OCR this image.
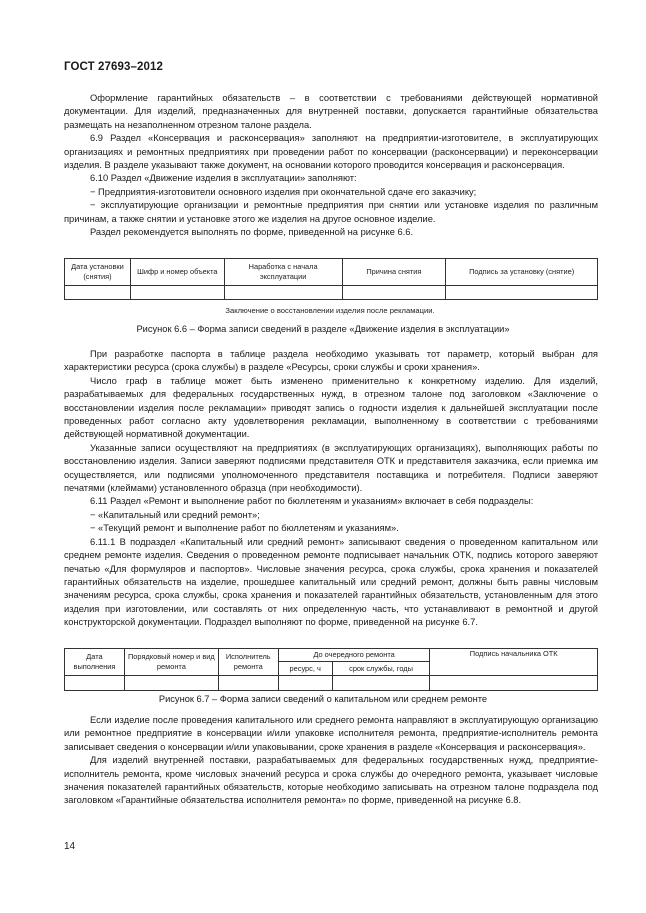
ГОСТ 27693–2012

Оформление гарантийных обязательств – в соответствии с требованиями действующей нормативной документации. Для изделий, предназначенных для внутренней поставки, допускается гарантийные обязательства размещать на незаполненном отрезном талоне раздела.

6.9 Раздел «Консервация и расконсервация» заполняют на предприятии-изготовителе, в эксплуатирующих организациях и ремонтных предприятиях при проведении работ по консервации (расконсервации) и переконсервации изделия. В разделе указывают также документ, на основании которого проводится консервация и расконсервация.

6.10 Раздел «Движение изделия в эксплуатации» заполняют:

− Предприятия-изготовители основного изделия при окончательной сдаче его заказчику;

− эксплуатирующие организации и ремонтные предприятия при снятии или установке изделия по различным причинам, а также снятии и установке этого же изделия на другое основное изделие.

Раздел рекомендуется выполнять по форме, приведенной на рисунке 6.6.

Дата установки (снятия)	Шифр и номер объекта	Наработка с начала эксплуатации	Причина снятия	Подпись за установку (снятие)

Заключение о восстановлении изделия после рекламации.
Рисунок 6.6 – Форма записи сведений в разделе «Движение изделия в эксплуатации»

При разработке паспорта в таблице раздела необходимо указывать тот параметр, который выбран для характеристики ресурса (срока службы) в разделе «Ресурсы, сроки службы и сроки хранения».

Число граф в таблице может быть изменено применительно к конкретному изделию. Для изделий, разрабатываемых для федеральных государственных нужд, в отрезном талоне под заголовком «Заключение о восстановлении изделия после рекламации» приводят запись о годности изделия к дальнейшей эксплуатации после проведенных работ согласно акту удовлетворения рекламации, выполненному в соответствии с требованиями действующей нормативной документации.

Указанные записи осуществляют на предприятиях (в эксплуатирующих организациях), выполняющих работы по восстановлению изделия. Записи заверяют подписями представителя ОТК и представителя заказчика, если приемка им осуществляется, или подписями уполномоченного представителя поставщика и потребителя. Подписи заверяют печатями (клеймами) установленного образца (при необходимости).

6.11 Раздел «Ремонт и выполнение работ по бюллетеням и указаниям» включает в себя подразделы:

− «Капитальный или средний ремонт»;

− «Текущий ремонт и выполнение работ по бюллетеням и указаниям».

6.11.1 В подраздел «Капитальный или средний ремонт» записывают сведения о проведенном капитальном или среднем ремонте изделия. Сведения о проведенном ремонте подписывает начальник ОТК, подпись которого заверяют печатью «Для формуляров и паспортов». Числовые значения ресурса, срока службы, срока хранения и показателей гарантийных обязательств на изделие, прошедшее капитальный или средний ремонт, должны быть равны числовым значениям ресурса, срока службы, срока хранения и показателей гарантийных обязательств, установленным для этого изделия при изготовлении, или составлять от них определенную часть, что устанавливают в ремонтной и другой конструкторской документации. Подраздел выполняют по форме, приведенной на рисунке 6.7.

Дата выполнения	Порядковый номер и вид ремонта	Исполнитель ремонта	До очередного ремонта		Подпись начальника ОТК
			ресурс, ч	срок службы, годы	

Рисунок 6.7 – Форма записи сведений о капитальном или среднем ремонте

Если изделие после проведения капитального или среднего ремонта направляют в эксплуатирующую организацию или ремонтное предприятие в консервации и/или упаковке исполнителя ремонта, предприятие-исполнитель ремонта записывает сведения о консервации и/или упаковывании, сроке хранения в разделе «Консервация и расконсервация».

Для изделий внутренней поставки, разрабатываемых для федеральных государственных нужд, предприятие-исполнитель ремонта, кроме числовых значений ресурса и срока службы до очередного ремонта, указывает числовые значения показателей гарантийных обязательств, которые необходимо записывать на отрезном талоне подраздела под заголовком «Гарантийные обязательства исполнителя ремонта» по форме, приведенной на рисунке 6.8.

14
